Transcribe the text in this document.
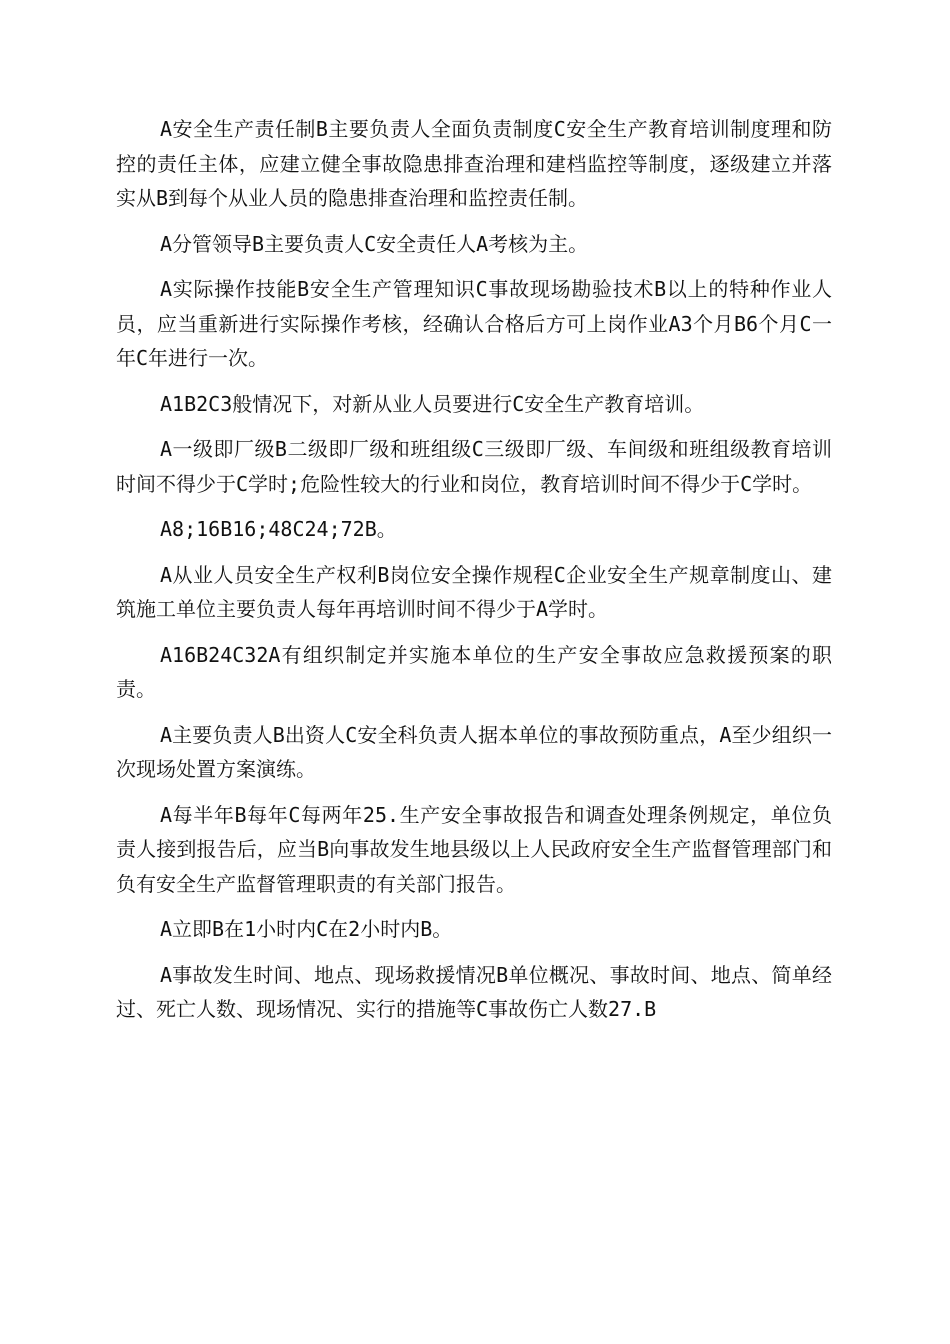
A安全生产责任制B主要负责人全面负责制度C安全生产教育培训制度理和防控的责任主体，应建立健全事故隐患排查治理和建档监控等制度，逐级建立并落实从B到每个从业人员的隐患排查治理和监控责任制。

A分管领导B主要负责人C安全责任人A考核为主。

A实际操作技能B安全生产管理知识C事故现场勘验技术B以上的特种作业人员，应当重新进行实际操作考核，经确认合格后方可上岗作业A3个月B6个月C一年C年进行一次。

A1B2C3般情况下，对新从业人员要进行C安全生产教育培训。

A一级即厂级B二级即厂级和班组级C三级即厂级、车间级和班组级教育培训时间不得少于C学时;危险性较大的行业和岗位，教育培训时间不得少于C学时。

A8;16B16;48C24;72B。

A从业人员安全生产权利B岗位安全操作规程C企业安全生产规章制度山、建筑施工单位主要负责人每年再培训时间不得少于A学时。

A16B24C32A有组织制定并实施本单位的生产安全事故应急救援预案的职责。

A主要负责人B出资人C安全科负责人据本单位的事故预防重点，A至少组织一次现场处置方案演练。

A每半年B每年C每两年25.生产安全事故报告和调查处理条例规定，单位负责人接到报告后，应当B向事故发生地县级以上人民政府安全生产监督管理部门和负有安全生产监督管理职责的有关部门报告。

A立即B在1小时内C在2小时内B。

A事故发生时间、地点、现场救援情况B单位概况、事故时间、地点、简单经过、死亡人数、现场情况、实行的措施等C事故伤亡人数27.B
